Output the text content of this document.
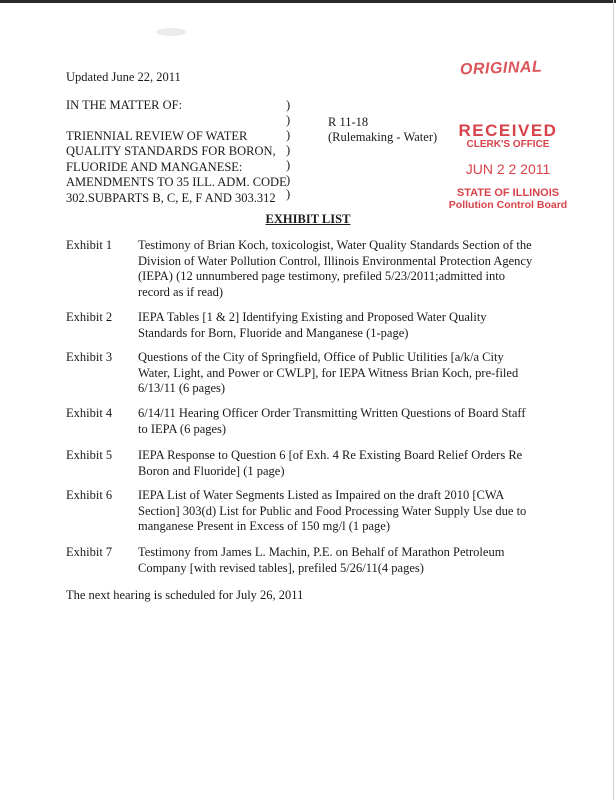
Updated June 22, 2011	ORIGINAL
IN THE MATTER OF:
TRIENNIAL REVIEW OF WATER
QUALITY STANDARDS FOR BORON,
FLUORIDE AND MANGANESE:
AMENDMENTS TO 35 ILL. ADM. CODE
302.SUBPARTS B, C, E, F AND 303.312
)
)
)
)
)
)
)
R 11-18
(Rulemaking - Water)	RECEIVED
CLERK'S OFFICE
JUN 2 2 2011
STATE OF ILLINOIS
Pollution Control Board
EXHIBIT LIST
Exhibit 1	Testimony of Brian Koch, toxicologist, Water Quality Standards Section of the Division of Water Pollution Control, Illinois Environmental Protection Agency (IEPA) (12 unnumbered page testimony, prefiled 5/23/2011;admitted into record as if read)
Exhibit 2	IEPA Tables [1 & 2] Identifying Existing and Proposed Water Quality Standards for Born, Fluoride and Manganese (1-page)
Exhibit 3	Questions of the City of Springfield, Office of Public Utilities [a/k/a City Water, Light, and Power or CWLP], for IEPA Witness Brian Koch, pre-filed 6/13/11 (6 pages)
Exhibit 4	6/14/11 Hearing Officer Order Transmitting Written Questions of Board Staff to IEPA (6 pages)
Exhibit 5	IEPA Response to Question 6 [of Exh. 4 Re Existing Board Relief Orders Re Boron and Fluoride] (1 page)
Exhibit 6	IEPA List of Water Segments Listed as Impaired on the draft 2010 [CWA Section] 303(d) List for Public and Food Processing Water Supply Use due to manganese Present in Excess of 150 mg/l (1 page)
Exhibit 7	Testimony from James L. Machin, P.E. on Behalf of Marathon Petroleum Company [with revised tables], prefiled 5/26/11(4 pages)
The next hearing is scheduled for July 26, 2011
